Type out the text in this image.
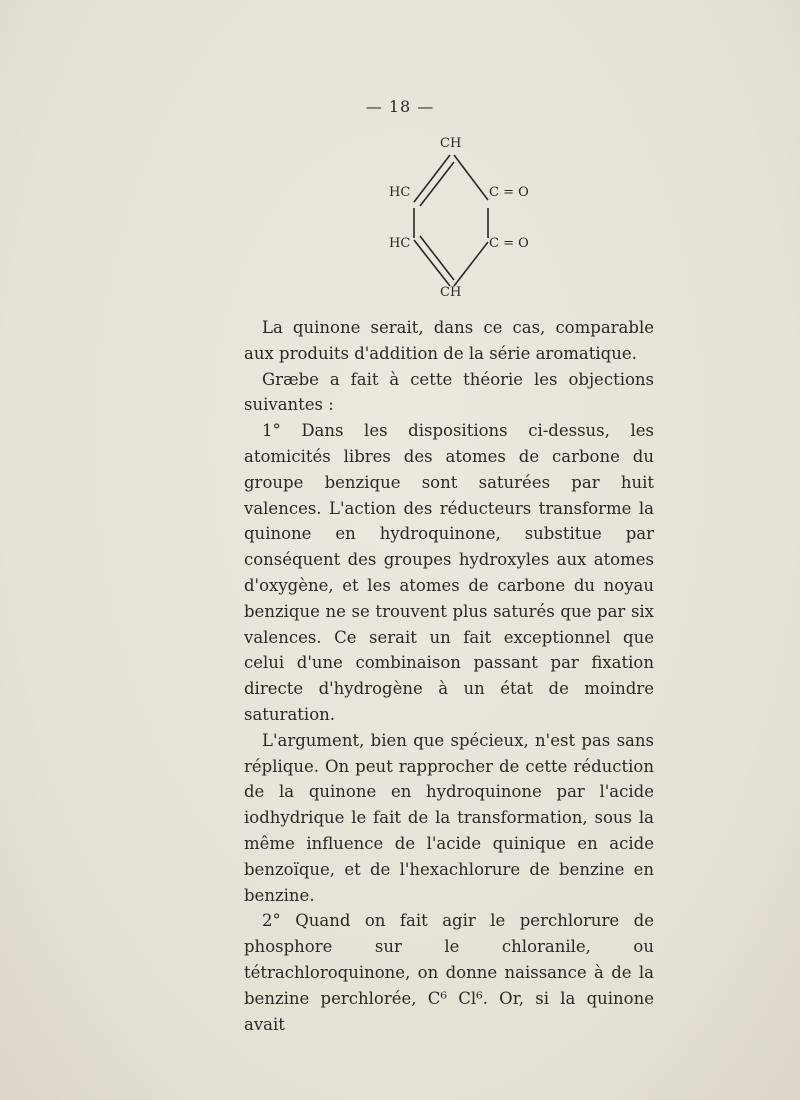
— 18 —
CH
HC	C = O
HC	C = O
CH

La quinone serait, dans ce cas, comparable aux produits d'addition de la série aromatique.

Græbe a fait à cette théorie les objections suivantes :

1° Dans les dispositions ci-dessus, les atomicités libres des atomes de carbone du groupe benzique sont saturées par huit valences. L'action des réducteurs transforme la quinone en hydroquinone, substitue par conséquent des groupes hydroxyles aux atomes d'oxygène, et les atomes de carbone du noyau benzique ne se trouvent plus saturés que par six valences. Ce serait un fait exceptionnel que celui d'une combinaison passant par fixation directe d'hydrogène à un état de moindre saturation.

L'argument, bien que spécieux, n'est pas sans réplique. On peut rapprocher de cette réduction de la quinone en hydroquinone par l'acide iodhydrique le fait de la transformation, sous la même influence de l'acide quinique en acide benzoïque, et de l'hexachlorure de benzine en benzine.

2° Quand on fait agir le perchlorure de phosphore sur le chloranile, ou tétrachloroquinone, on donne naissance à de la benzine perchlorée, C⁶ Cl⁶. Or, si la quinone avait
